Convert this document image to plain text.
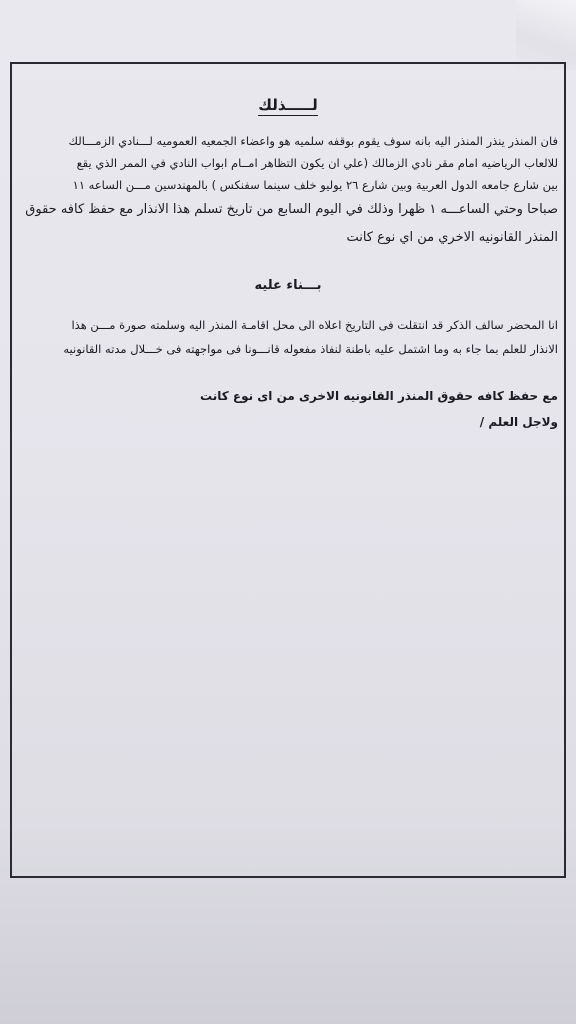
لـــــذلك

فان المنذر ينذر المنذر اليه بانه سوف يقوم بوقفه سلميه هو واعضاء الجمعيه العموميه لـــنادي الزمـــالك

للالعاب الرياضيه امام مقر نادي الزمالك (علي ان يكون التظاهر امــام ابواب النادي في الممر الذي يقع

بين شارع جامعه الدول العربية وبين شارع ٢٦ يوليو خلف سينما سفنكس ) بالمهندسين مـــن الساعه ١١

صباحا وحتي الساعـــه ١ ظهرا وذلك في اليوم السابع من تاريخ تسلم هذا الانذار مع حفظ كافه حقوق

المنذر القانونيه الاخري من اي نوع كانت

بـــناء عليه

انا المحضر سالف الذكر قد انتقلت فى التاريخ اعلاه الى محل اقامـة المنذر اليه وسلمته صورة مـــن هذا

الانذار للعلم بما جاء به وما اشتمل عليه باطنة لنفاذ مفعوله قانـــونا فى مواجهته فى خـــلال مدته القانونيه

مع حفظ كافه حقوق المنذر القانونيه الاخرى من اى نوع كانت

ولاجل العلم /
